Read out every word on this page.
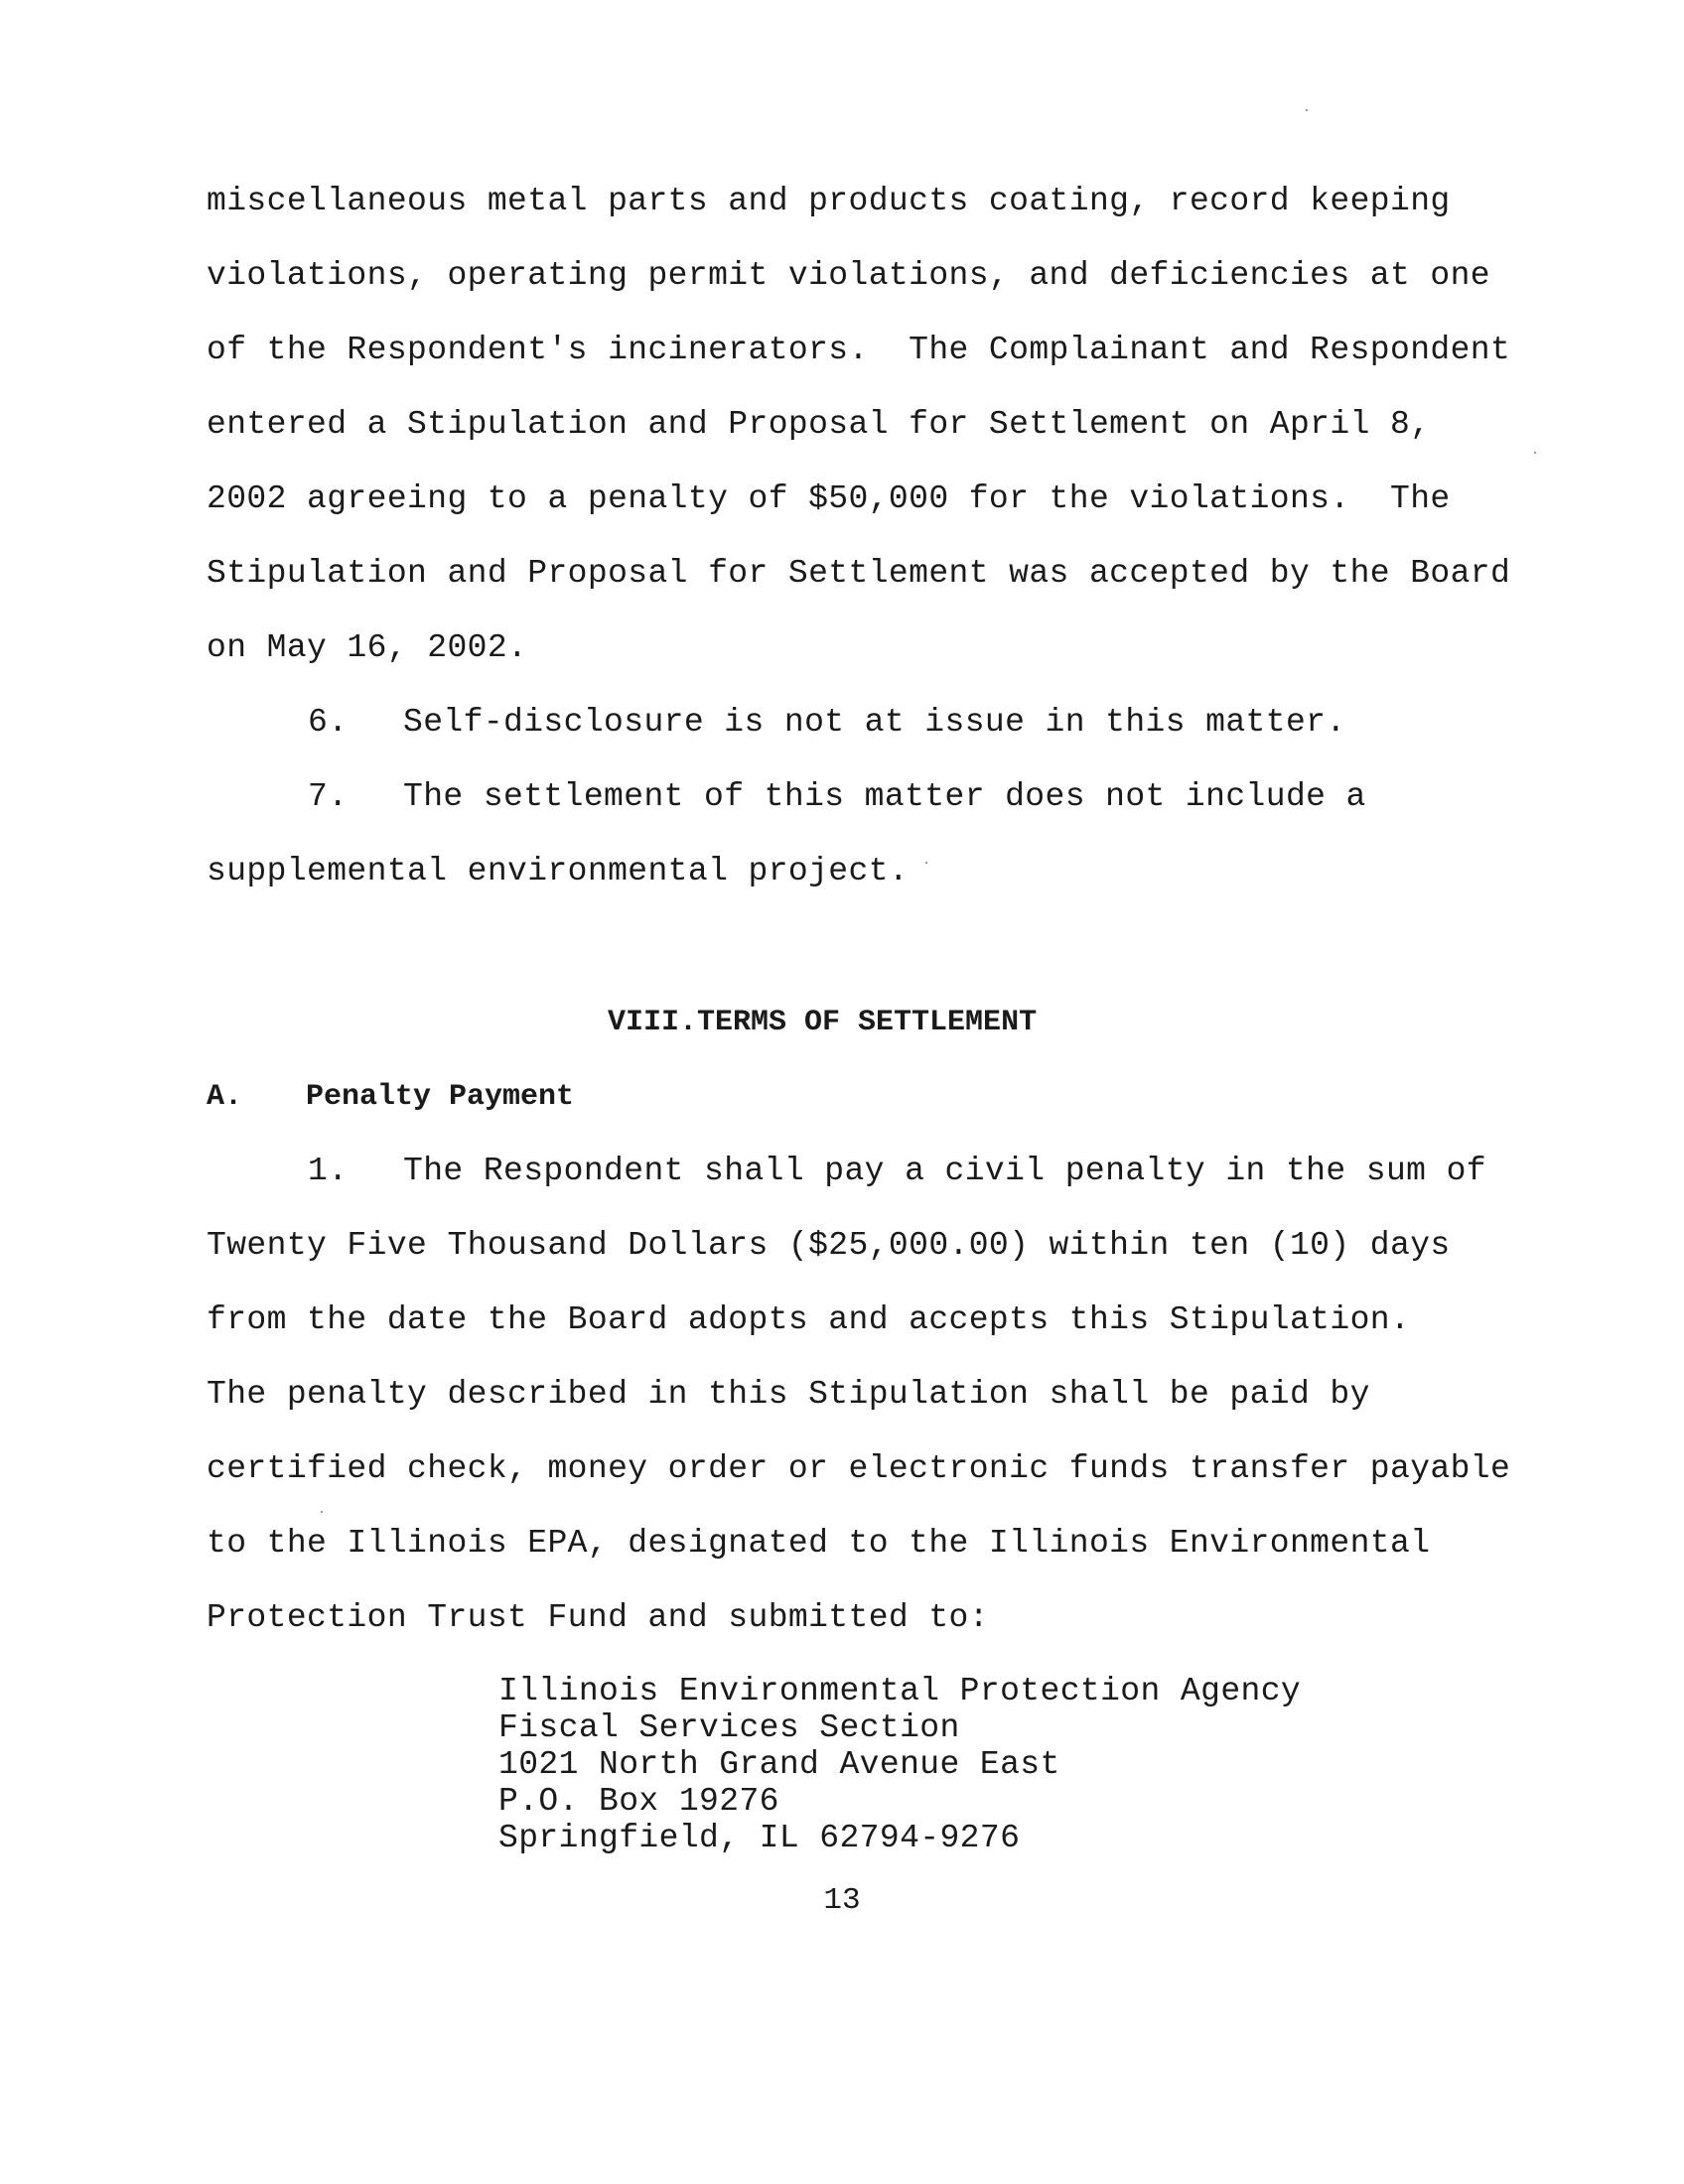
miscellaneous metal parts and products coating, record keeping
violations, operating permit violations, and deficiencies at one
of the Respondent's incinerators.  The Complainant and Respondent
entered a Stipulation and Proposal for Settlement on April 8,
2002 agreeing to a penalty of $50,000 for the violations.  The
Stipulation and Proposal for Settlement was accepted by the Board
on May 16, 2002.
6. Self-disclosure is not at issue in this matter.
7. The settlement of this matter does not include a
supplemental environmental project.
VIII.TERMS OF SETTLEMENT
A. Penalty Payment
1. The Respondent shall pay a civil penalty in the sum of
Twenty Five Thousand Dollars ($25,000.00) within ten (10) days
from the date the Board adopts and accepts this Stipulation.
The penalty described in this Stipulation shall be paid by
certified check, money order or electronic funds transfer payable
to the Illinois EPA, designated to the Illinois Environmental
Protection Trust Fund and submitted to:
Illinois Environmental Protection Agency
Fiscal Services Section
1021 North Grand Avenue East
P.O. Box 19276
Springfield, IL 62794-9276
13
